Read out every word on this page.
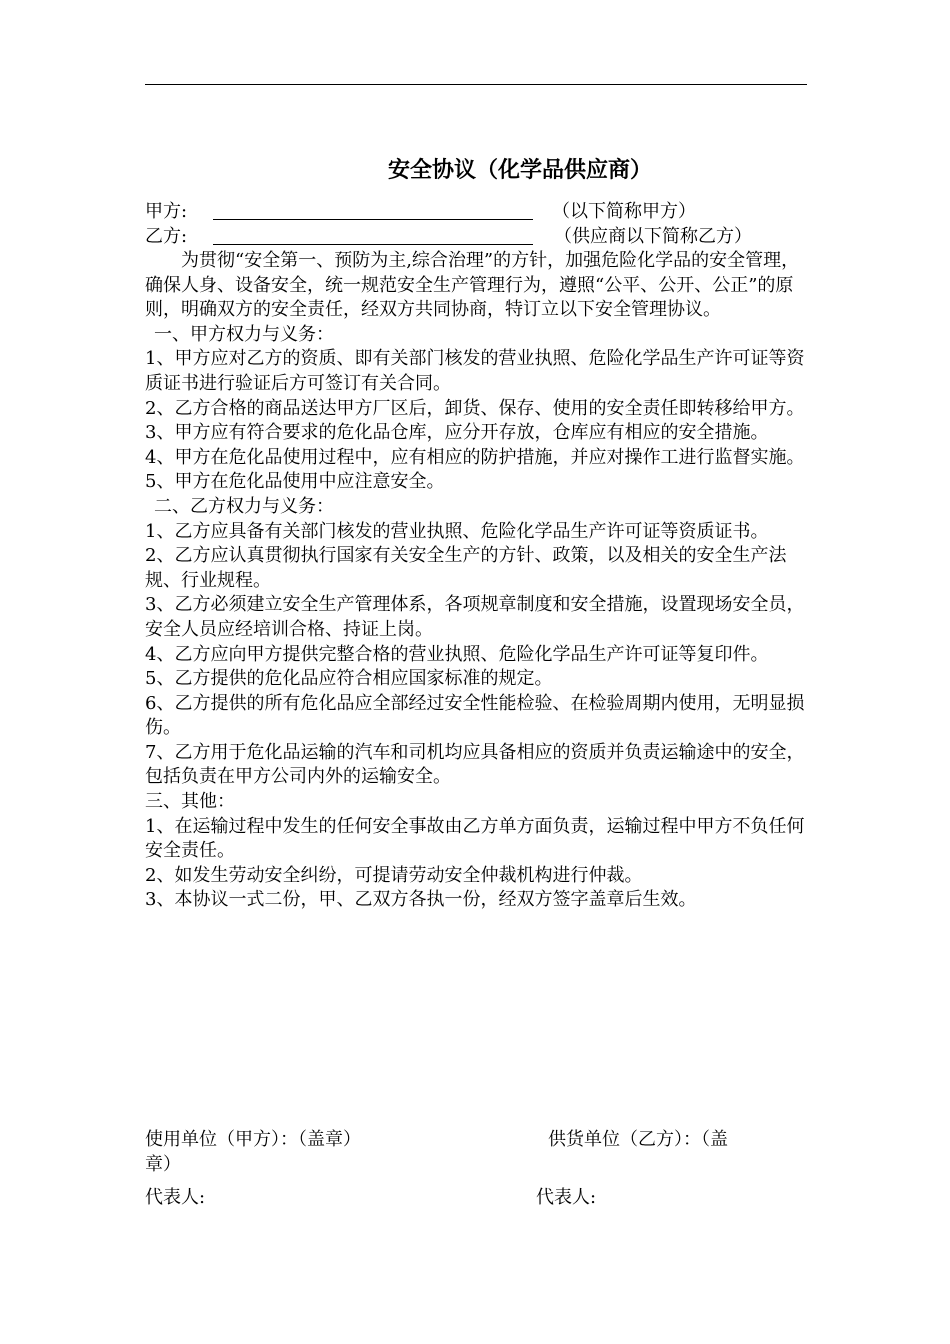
安全协议（化学品供应商）
甲方:	（以下简称甲方）
乙方:	（供应商以下简称乙方）

为贯彻“安全第一、预防为主,综合治理”的方针，加强危险化学品的安全管理，确保人身、设备安全，统一规范安全生产管理行为，遵照“公平、公开、公正”的原则，明确双方的安全责任，经双方共同协商，特订立以下安全管理协议。

一、甲方权力与义务：

1、甲方应对乙方的资质、即有关部门核发的营业执照、危险化学品生产许可证等资质证书进行验证后方可签订有关合同。

2、乙方合格的商品送达甲方厂区后，卸货、保存、使用的安全责任即转移给甲方。

3、甲方应有符合要求的危化品仓库，应分开存放，仓库应有相应的安全措施。

4、甲方在危化品使用过程中，应有相应的防护措施，并应对操作工进行监督实施。

5、甲方在危化品使用中应注意安全。

二、乙方权力与义务：

1、乙方应具备有关部门核发的营业执照、危险化学品生产许可证等资质证书。

2、乙方应认真贯彻执行国家有关安全生产的方针、政策，以及相关的安全生产法规、行业规程。

3、乙方必须建立安全生产管理体系，各项规章制度和安全措施，设置现场安全员，安全人员应经培训合格、持证上岗。

4、乙方应向甲方提供完整合格的营业执照、危险化学品生产许可证等复印件。

5、乙方提供的危化品应符合相应国家标准的规定。

6、乙方提供的所有危化品应全部经过安全性能检验、在检验周期内使用，无明显损伤。

7、乙方用于危化品运输的汽车和司机均应具备相应的资质并负责运输途中的安全，包括负责在甲方公司内外的运输安全。

三、其他：

1、在运输过程中发生的任何安全事故由乙方单方面负责，运输过程中甲方不负任何安全责任。

2、如发生劳动安全纠纷，可提请劳动安全仲裁机构进行仲裁。

3、本协议一式二份，甲、乙双方各执一份，经双方签字盖章后生效。

使用单位（甲方）：（盖章）	供货单位（乙方）：（盖
章）
代表人:	代表人:
